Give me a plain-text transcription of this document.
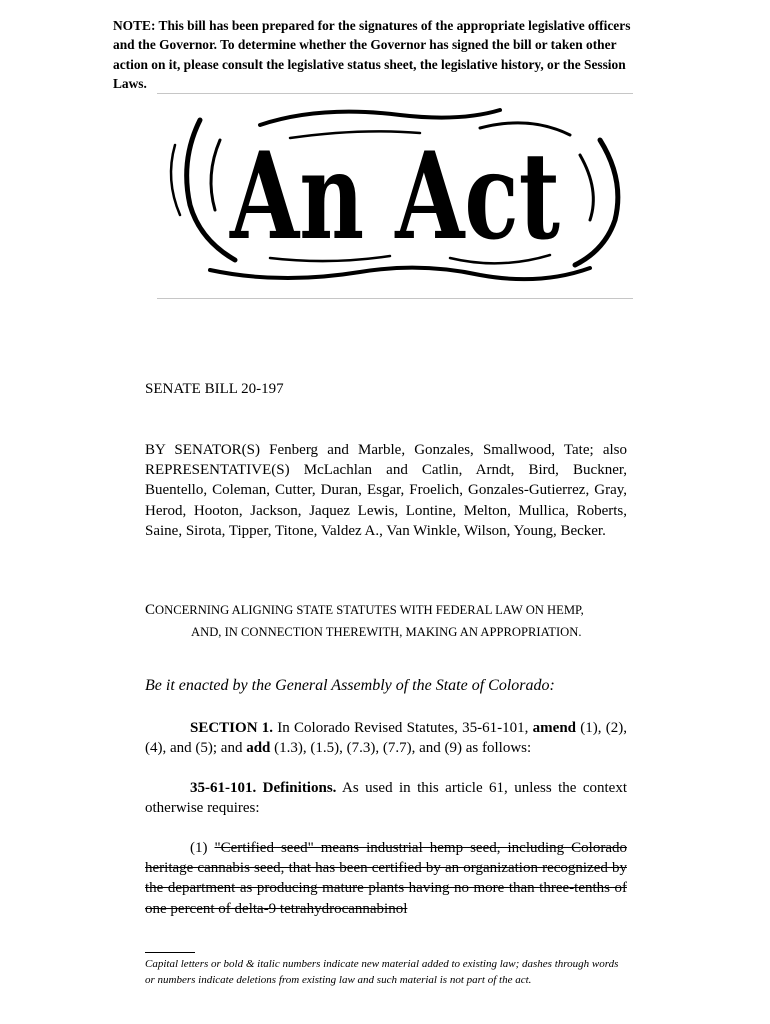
NOTE: This bill has been prepared for the signatures of the appropriate legislative officers and the Governor. To determine whether the Governor has signed the bill or taken other action on it, please consult the legislative status sheet, the legislative history, or the Session Laws.
An Act
SENATE BILL 20-197
BY SENATOR(S) Fenberg and Marble, Gonzales, Smallwood, Tate; also REPRESENTATIVE(S) McLachlan and Catlin, Arndt, Bird, Buckner, Buentello, Coleman, Cutter, Duran, Esgar, Froelich, Gonzales-Gutierrez, Gray, Herod, Hooton, Jackson, Jaquez Lewis, Lontine, Melton, Mullica, Roberts, Saine, Sirota, Tipper, Titone, Valdez A., Van Winkle, Wilson, Young, Becker.
CONCERNING ALIGNING STATE STATUTES WITH FEDERAL LAW ON HEMP,
AND, IN CONNECTION THEREWITH, MAKING AN APPROPRIATION.
Be it enacted by the General Assembly of the State of Colorado:
SECTION 1. In Colorado Revised Statutes, 35-61-101, amend (1), (2), (4), and (5); and add (1.3), (1.5), (7.3), (7.7), and (9) as follows:
35-61-101. Definitions. As used in this article 61, unless the context otherwise requires:
(1) "Certified seed" means industrial hemp seed, including Colorado heritage cannabis seed, that has been certified by an organization recognized by the department as producing mature plants having no more than three-tenths of one percent of delta-9 tetrahydrocannabinol
Capital letters or bold & italic numbers indicate new material added to existing law; dashes through words or numbers indicate deletions from existing law and such material is not part of the act.
